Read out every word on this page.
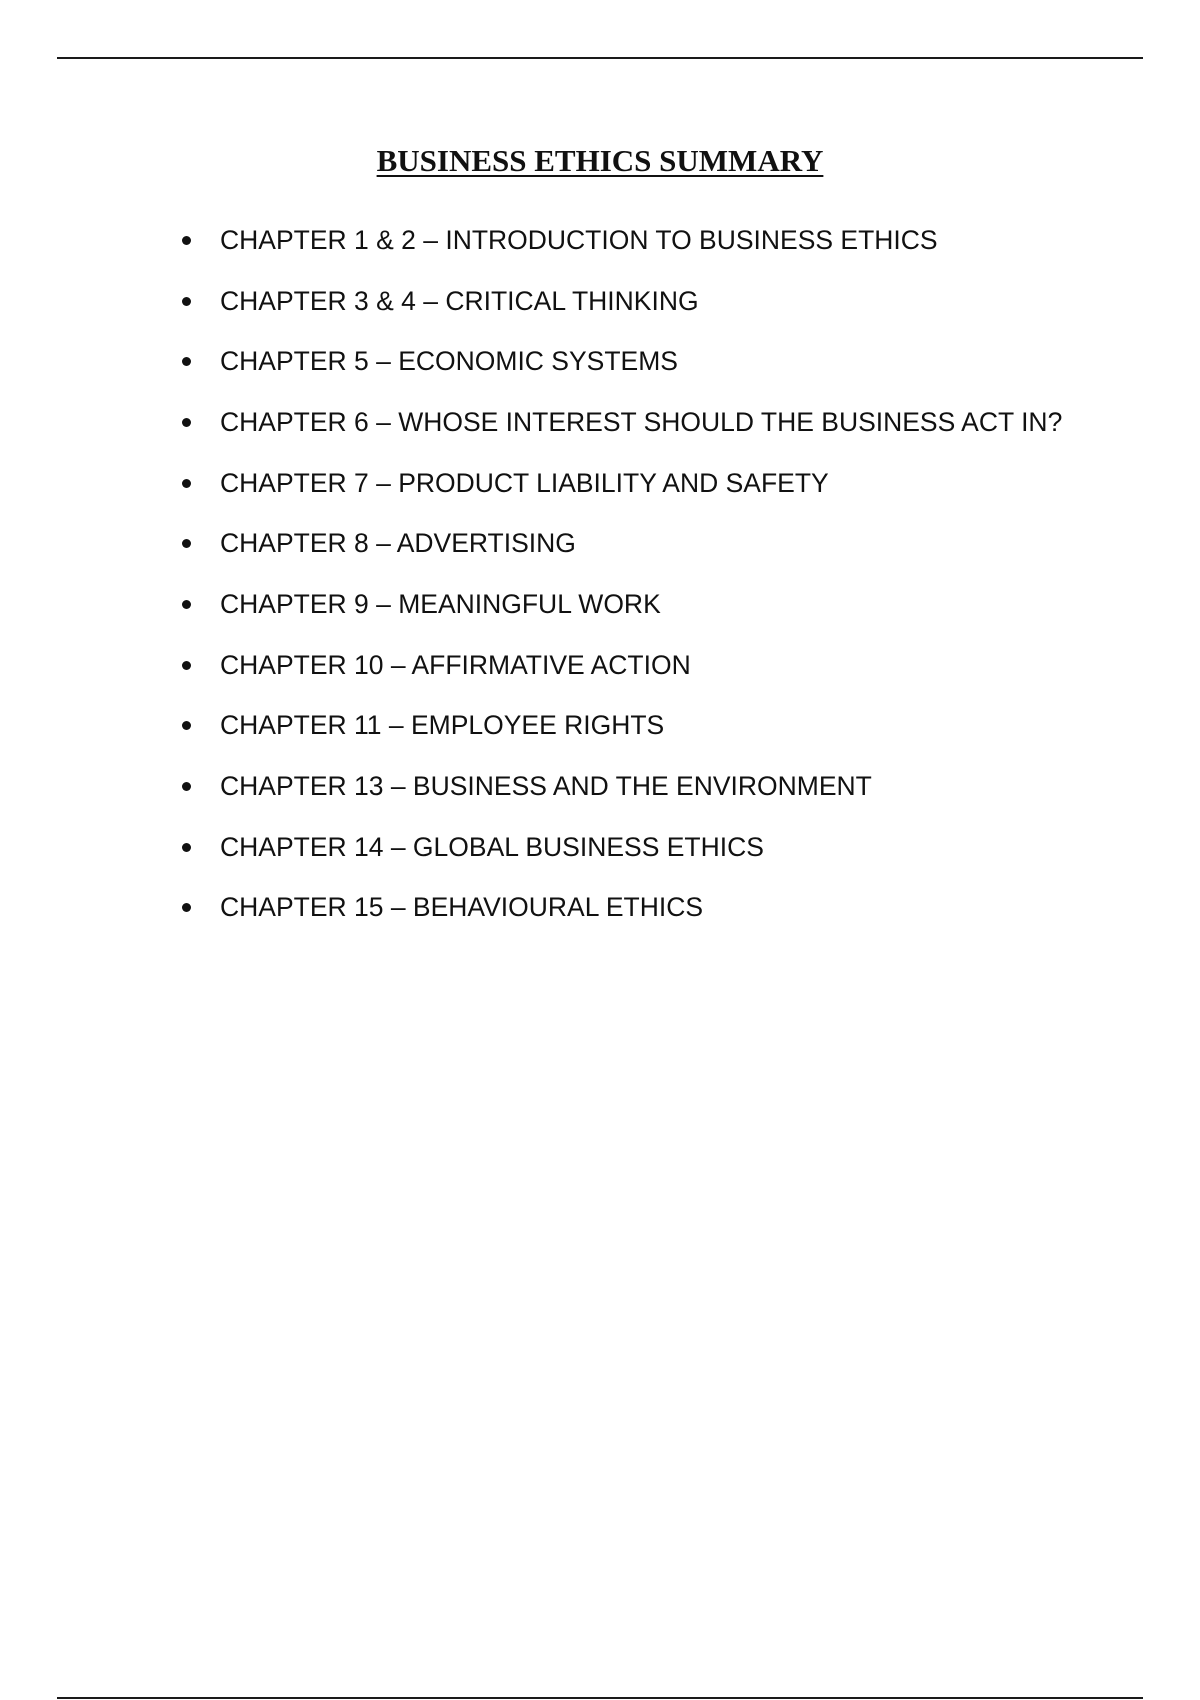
BUSINESS ETHICS SUMMARY
CHAPTER 1 & 2 – INTRODUCTION TO BUSINESS ETHICS
CHAPTER 3 & 4 – CRITICAL THINKING
CHAPTER 5 – ECONOMIC SYSTEMS
CHAPTER 6 – WHOSE INTEREST SHOULD THE BUSINESS ACT IN?
CHAPTER 7 – PRODUCT LIABILITY AND SAFETY
CHAPTER 8 – ADVERTISING
CHAPTER 9 – MEANINGFUL WORK
CHAPTER 10 – AFFIRMATIVE ACTION
CHAPTER 11 – EMPLOYEE RIGHTS
CHAPTER 13 – BUSINESS AND THE ENVIRONMENT
CHAPTER 14 – GLOBAL BUSINESS ETHICS
CHAPTER 15 – BEHAVIOURAL ETHICS
